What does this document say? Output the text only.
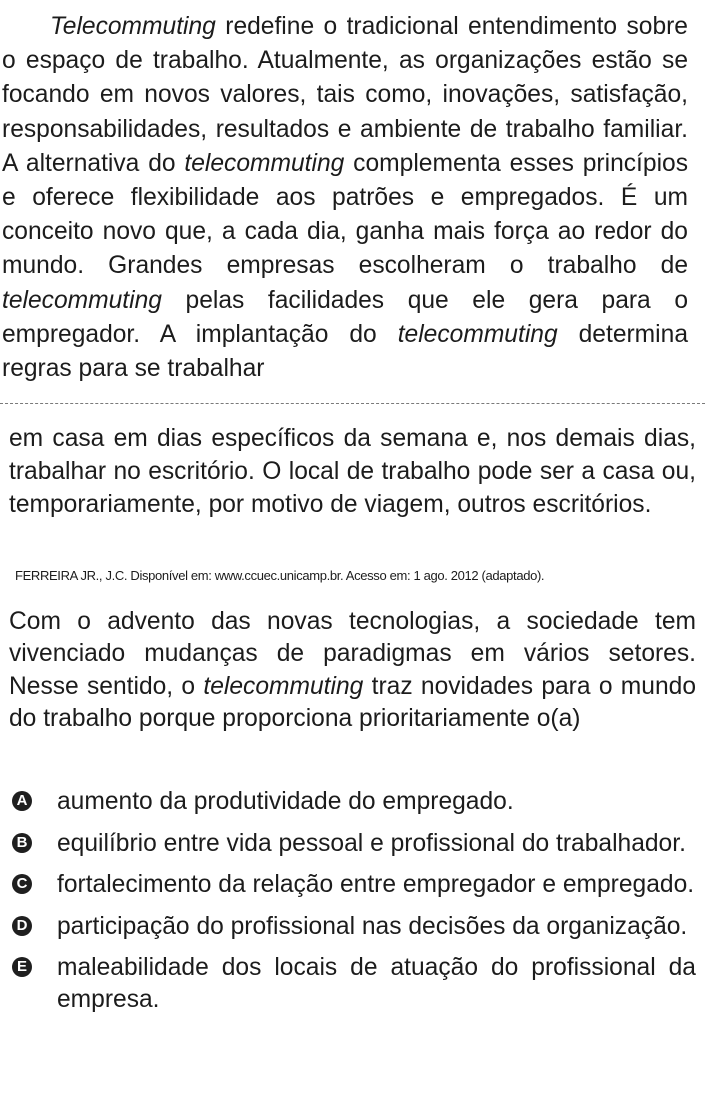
Telecommuting redefine o tradicional entendimento sobre o espaço de trabalho. Atualmente, as organizações estão se focando em novos valores, tais como, inovações, satisfação, responsabilidades, resultados e ambiente de trabalho familiar. A alternativa do telecommuting complementa esses princípios e oferece flexibilidade aos patrões e empregados. É um conceito novo que, a cada dia, ganha mais força ao redor do mundo. Grandes empresas escolheram o trabalho de telecommuting pelas facilidades que ele gera para o empregador. A implantação do telecommuting determina regras para se trabalhar

em casa em dias específicos da semana e, nos demais dias, trabalhar no escritório. O local de trabalho pode ser a casa ou, temporariamente, por motivo de viagem, outros escritórios.

FERREIRA JR., J.C. Disponível em: www.ccuec.unicamp.br. Acesso em: 1 ago. 2012 (adaptado).

Com o advento das novas tecnologias, a sociedade tem vivenciado mudanças de paradigmas em vários setores. Nesse sentido, o telecommuting traz novidades para o mundo do trabalho porque proporciona prioritariamente o(a)

A aumento da produtividade do empregado.
B equilíbrio entre vida pessoal e profissional do trabalhador.
C fortalecimento da relação entre empregador e empregado.
D participação do profissional nas decisões da organização.
E maleabilidade dos locais de atuação do profissional da empresa.
